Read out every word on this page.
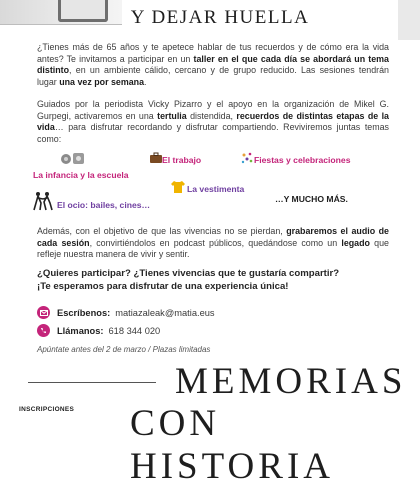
Y DEJAR HUELLA
¿Tienes más de 65 años y te apetece hablar de tus recuerdos y de cómo era la vida antes? Te invitamos a participar en un taller en el que cada día se abordará un tema distinto, en un ambiente cálido, cercano y de grupo reducido. Las sesiones tendrán lugar una vez por semana.
Guiados por la periodista Vicky Pizarro y el apoyo en la organización de Mikel G. Gurpegi, activaremos en una tertulia distendida, recuerdos de distintas etapas de la vida… para disfrutar recordando y disfrutar compartiendo. Reviviremos juntas temas como:
El trabajo	Fiestas y celebraciones
La infancia y la escuela
La vestimenta
El ocio: bailes, cines…
…Y MUCHO MÁS.
Además, con el objetivo de que las vivencias no se pierdan, grabaremos el audio de cada sesión, convirtiéndolos en podcast públicos, quedándose como un legado que refleje nuestra manera de vivir y sentir.
¿Quieres participar? ¿Tienes vivencias que te gustaría compartir?
¡Te esperamos para disfrutar de una experiencia única!
Escríbenos: matiazaleak@matia.eus
Llámanos: 618 344 020
Apúntate antes del 2 de marzo / Plazas limitadas
MEMORIAS
CON HISTORIA
INSCRIPCIONES
